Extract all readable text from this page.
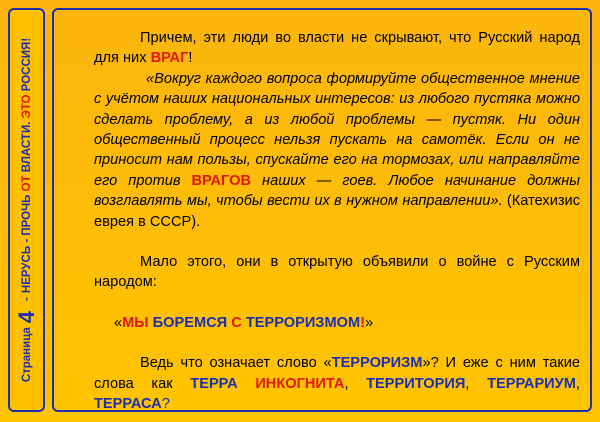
Страница
4
-
НЕРУСЬ - ПРОЧЬ

ОТ

ВЛАСТИ.

ЭТО

РОССИЯ!	Причем, эти люди во власти не скрывают, что Русский народ для них ВРАГ!

«Вокруг каждого вопроса формируйте общественное мнение с учётом наших национальных интересов: из любого пустяка можно сделать проблему, а из любой проблемы — пустяк. Ни один общественный процесс нельзя пускать на самотёк. Если он не приносит нам пользы, спускайте его на тормозах, или направляйте его против ВРАГОВ наших — гоев. Любое начинание должны возглавлять мы, чтобы вести их в нужном направлении». (Катехизис еврея в СССР).

Мало этого, они в открытую объявили о войне с Русским народом:

«МЫ БОРЕМСЯ С ТЕРРОРИЗМОМ!»

Ведь что означает слово «ТЕРРОРИЗМ»? И еже с ним такие слова как ТЕРРА ИНКОГНИТА, ТЕРРИТОРИЯ, ТЕРРАРИУМ, ТЕРРАСА?
